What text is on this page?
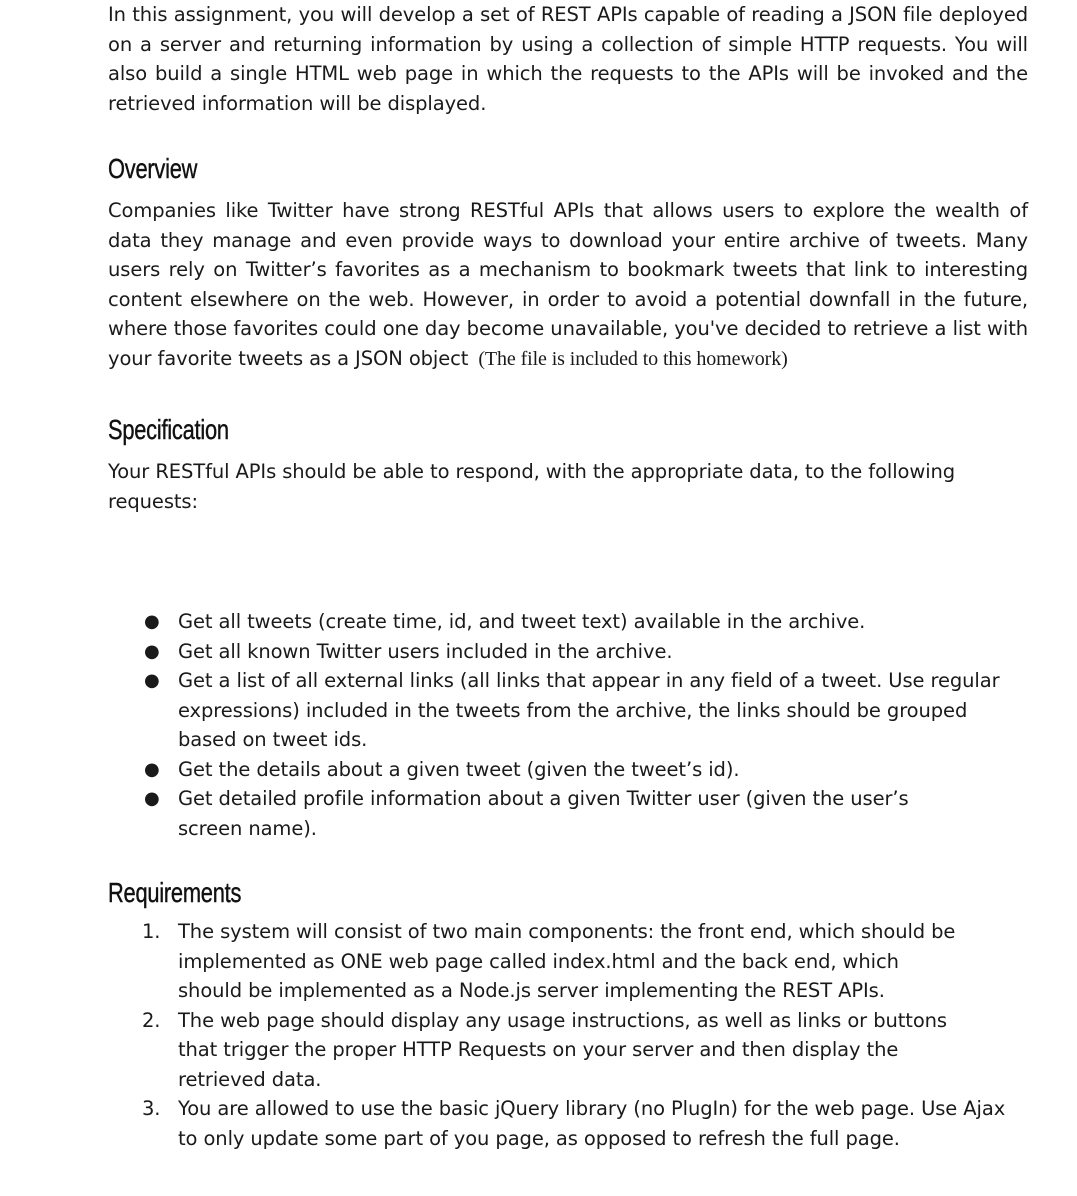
In this assignment, you will develop a set of REST APIs capable of reading a JSON file deployed on a server and returning information by using a collection of simple HTTP requests. You will also build a single HTML web page in which the requests to the APIs will be invoked and the retrieved information will be displayed.

Overview

Companies like Twitter have strong RESTful APIs that allows users to explore the wealth of data they manage and even provide ways to download your entire archive of tweets. Many users rely on Twitter’s favorites as a mechanism to bookmark tweets that link to interesting content elsewhere on the web. However, in order to avoid a potential downfall in the future, where those favorites could one day become unavailable, you've decided to retrieve a list with your favorite tweets as a JSON object (The file is included to this homework)

Specification

Your RESTful APIs should be able to respond, with the appropriate data, to the following requests:

● Get all tweets (create time, id, and tweet text) available in the archive.
● Get all known Twitter users included in the archive.
● Get a list of all external links (all links that appear in any field of a tweet. Use regular expressions) included in the tweets from the archive, the links should be grouped based on tweet ids.
● Get the details about a given tweet (given the tweet’s id).
● Get detailed profile information about a given Twitter user (given the user’s screen name).
Requirements
1. The system will consist of two main components: the front end, which should be implemented as ONE web page called index.html and the back end, which should be implemented as a Node.js server implementing the REST APIs.
2. The web page should display any usage instructions, as well as links or buttons that trigger the proper HTTP Requests on your server and then display the retrieved data.
3. You are allowed to use the basic jQuery library (no PlugIn) for the web page. Use Ajax to only update some part of you page, as opposed to refresh the full page.
